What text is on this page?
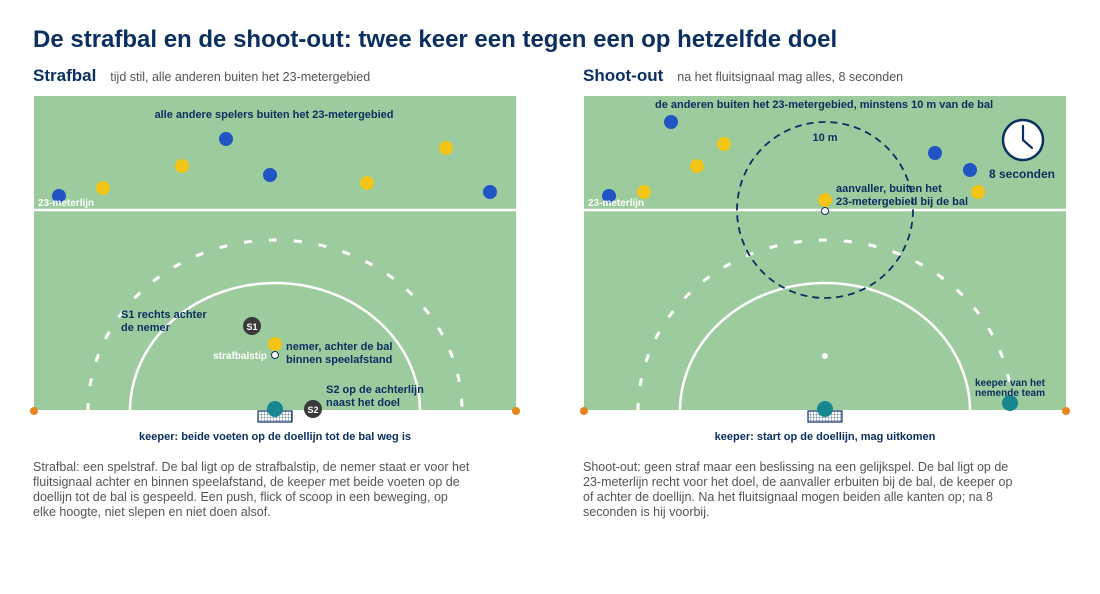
De strafbal en de shoot-out: twee keer een tegen een op hetzelfde doel
Strafbal tijd stil, alle anderen buiten het 23-metergebied	Shoot-out na het fluitsignaal mag alles, 8 seconden
alle andere spelers buiten het 23-metergebied
23-meterlijn
S1
S1 rechts achter
de nemer
nemer, achter de bal
binnen speelafstand
strafbalstip
S2
S2 op de achterlijn
naast het doel
keeper: beide voeten op de doellijn tot de bal weg is
10 m
de anderen buiten het 23-metergebied, minstens 10 m van de bal
23-meterlijn
aanvaller, buiten het
23-metergebied bij de bal
8 seconden
keeper van het
nemende team
keeper: start op de doellijn, mag uitkomen

Strafbal: een spelstraf. De bal ligt op de strafbalstip, de nemer staat er voor het fluitsignaal achter en binnen speelafstand, de keeper met beide voeten op de doellijn tot de bal is gespeeld. Een push, flick of scoop in een beweging, op elke hoogte, niet slepen en niet doen alsof.

Shoot-out: geen straf maar een beslissing na een gelijkspel. De bal ligt op de 23-meterlijn recht voor het doel, de aanvaller erbuiten bij de bal, de keeper op of achter de doellijn. Na het fluitsignaal mogen beiden alle kanten op; na 8 seconden is hij voorbij.
